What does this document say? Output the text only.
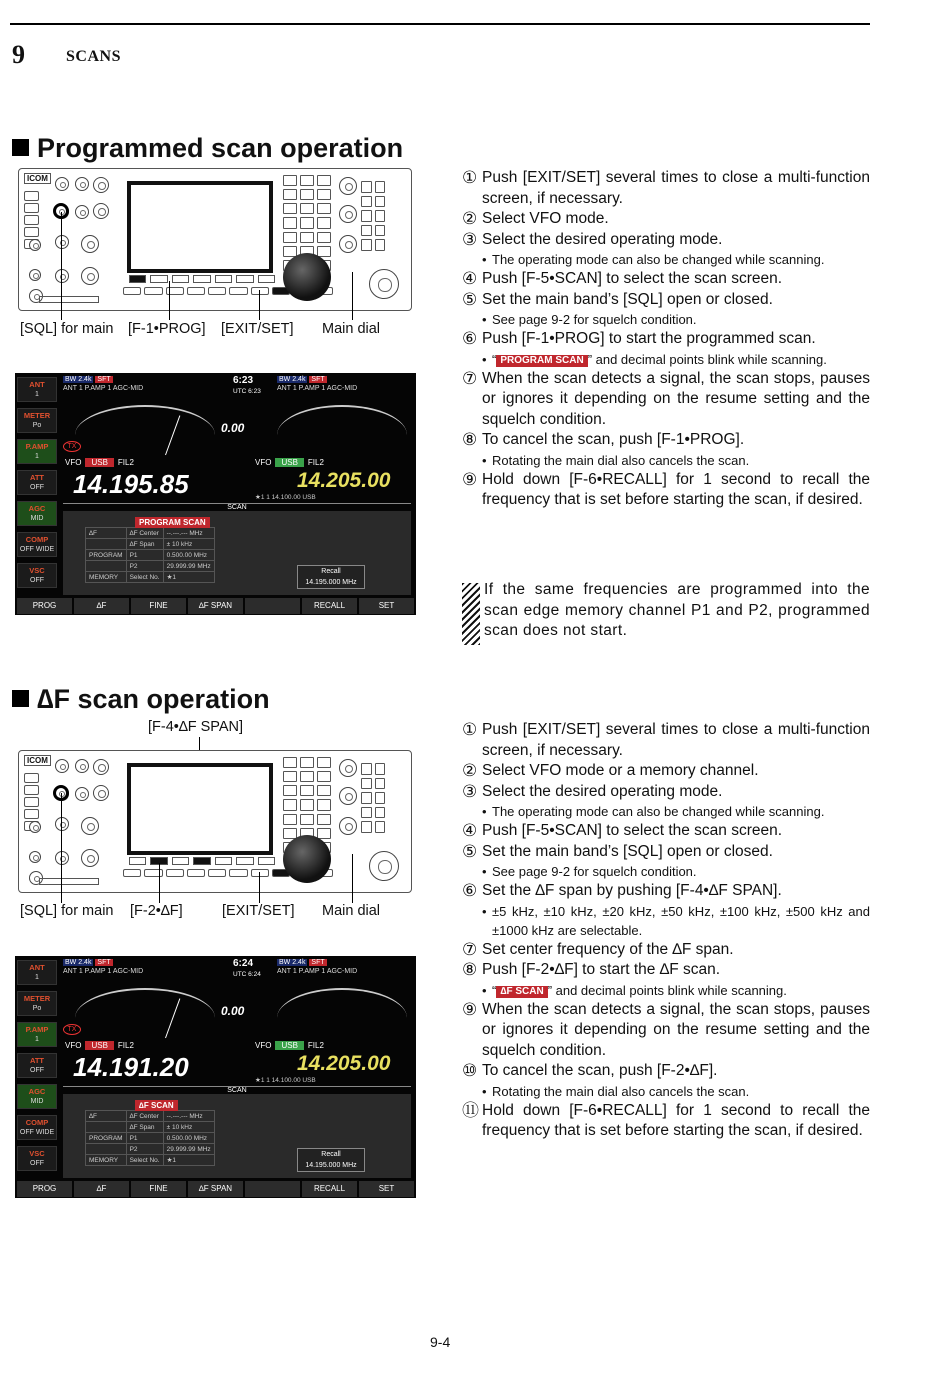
9	SCANS
Programmed scan operation
ICOM
[SQL] for main [F-1•PROG] [EXIT/SET] Main dial
ANT
1
METER
Po
P.AMP
1
ATT
OFF
AGC
MID
COMP
OFF WIDE
VSC
OFF
BW 2.4k SFT
ANT 1 P.AMP 1 AGC-MID
BW 2.4k SFT
ANT 1 P.AMP 1 AGC-MID
6:23
UTC 6:23
0.00
TX
VFO USB FIL2	VFO USB FIL2
14.195.85	14.205.00
★1 1 14.100.00 USB
SCAN
∆F	∆F Center	--.---.--- MHz
	∆F Span	± 10 kHz
PROGRAM	P1	0.500.00 MHz
	P2	29.999.99 MHz
MEMORY	Select No.	★1
Recall
14.195.000 MHz
PROGRAM SCAN
PROG	∆F	FINE	∆F SPAN	RECALL	SET
① Push [EXIT/SET] several times to close a multi-function screen, if necessary.
② Select VFO mode.
③ Select the desired operating mode.
• The operating mode can also be changed while scanning.
④ Push [F-5•SCAN] to select the scan screen.
⑤ Set the main band’s [SQL] open or closed.
• See page 9-2 for squelch condition.
⑥ Push [F-1•PROG] to start the programmed scan.
• “ PROGRAM SCAN ” and decimal points blink while scanning.
⑦ When the scan detects a signal, the scan stops, pauses or ignores it depending on the resume setting and the squelch condition.
⑧ To cancel the scan, push [F-1•PROG].
• Rotating the main dial also cancels the scan.
⑨ Hold down [F-6•RECALL] for 1 second to recall the frequency that is set before starting the scan, if desired.
If the same frequencies are programmed into the scan edge memory channel P1 and P2, programmed scan does not start.
∆F scan operation
[F-4•∆F SPAN]
ICOM
[SQL] for main [F-2•∆F]	[EXIT/SET] Main dial
ANT
1
METER
Po
P.AMP
1
ATT
OFF
AGC
MID
COMP
OFF WIDE
VSC
OFF
BW 2.4k SFT
ANT 1 P.AMP 1 AGC-MID
BW 2.4k SFT
ANT 1 P.AMP 1 AGC-MID
6:24
UTC 6:24
0.00
TX
VFO USB FIL2	VFO USB FIL2
14.191.20	14.205.00
★1 1 14.100.00 USB
SCAN
∆F	∆F Center	--.---.--- MHz
	∆F Span	± 10 kHz
PROGRAM	P1	0.500.00 MHz
	P2	29.999.99 MHz
MEMORY	Select No.	★1
Recall
14.195.000 MHz
∆F SCAN
PROG	∆F	FINE	∆F SPAN	RECALL	SET
① Push [EXIT/SET] several times to close a multi-function screen, if necessary.
② Select VFO mode or a memory channel.
③ Select the desired operating mode.
• The operating mode can also be changed while scanning.
④ Push [F-5•SCAN] to select the scan screen.
⑤ Set the main band’s [SQL] open or closed.
• See page 9-2 for squelch condition.
⑥ Set the ∆F span by pushing [F-4•∆F SPAN].
• ±5 kHz, ±10 kHz, ±20 kHz, ±50 kHz, ±100 kHz, ±500 kHz and ±1000 kHz are selectable.
⑦ Set center frequency of the ∆F span.
⑧ Push [F-2•∆F] to start the ∆F scan.
• “ ∆F SCAN ” and decimal points blink while scanning.
⑨ When the scan detects a signal, the scan stops, pauses or ignores it depending on the resume setting and the squelch condition.
⑩ To cancel the scan, push [F-2•∆F].
• Rotating the main dial also cancels the scan.
⑪ Hold down [F-6•RECALL] for 1 second to recall the frequency that is set before starting the scan, if desired.
9-4
